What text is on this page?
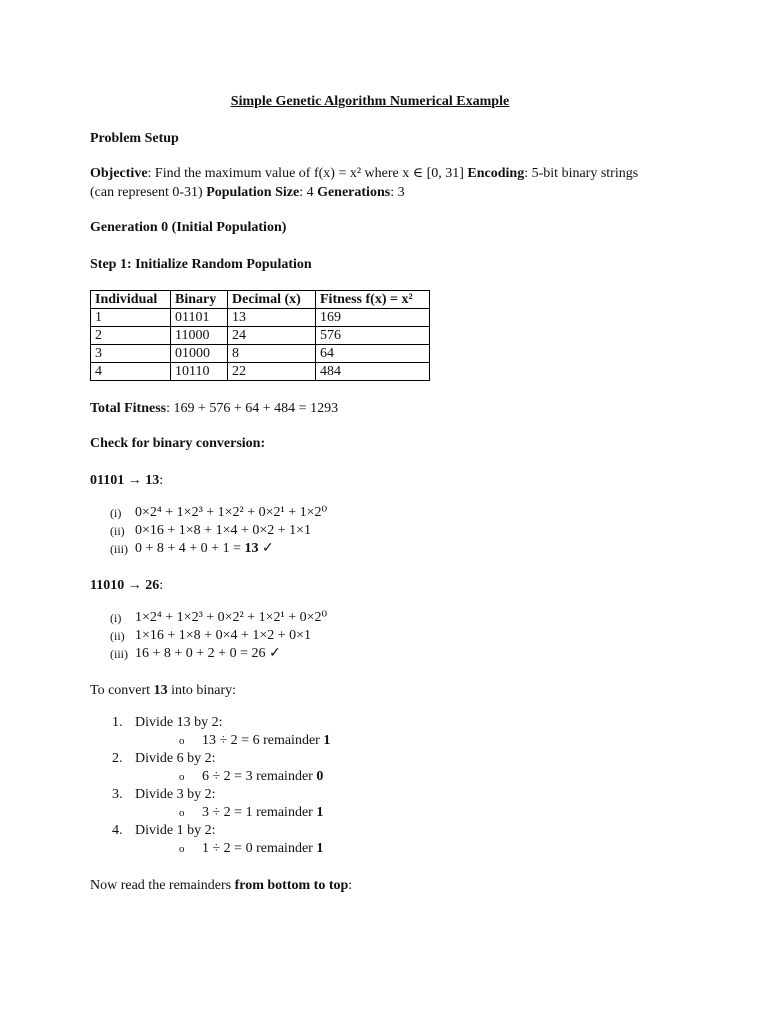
Simple Genetic Algorithm Numerical Example

Problem Setup

Objective: Find the maximum value of f(x) = x² where x ∈ [0, 31] Encoding: 5-bit binary strings (can represent 0-31) Population Size: 4 Generations: 3

Generation 0 (Initial Population)

Step 1: Initialize Random Population

Individual	Binary	Decimal (x)	Fitness f(x) = x²
1	01101	13	169
2	11000	24	576
3	01000	8	64
4	10110	22	484

Total Fitness: 169 + 576 + 64 + 484 = 1293

Check for binary conversion:

01101 → 13:

(i) 0×2⁴ + 1×2³ + 1×2² + 0×2¹ + 1×2⁰
(ii) 0×16 + 1×8 + 1×4 + 0×2 + 1×1
(iii) 0 + 8 + 4 + 0 + 1 = 13 ✓

11010 → 26:

(i) 1×2⁴ + 1×2³ + 0×2² + 1×2¹ + 0×2⁰
(ii) 1×16 + 1×8 + 0×4 + 1×2 + 0×1
(iii) 16 + 8 + 0 + 2 + 0 = 26 ✓

To convert 13 into binary:

1. Divide 13 by 2:
o	13 ÷ 2 = 6 remainder 1
2. Divide 6 by 2:
o	6 ÷ 2 = 3 remainder 0
3. Divide 3 by 2:
o	3 ÷ 2 = 1 remainder 1
4. Divide 1 by 2:
o	1 ÷ 2 = 0 remainder 1

Now read the remainders from bottom to top:
